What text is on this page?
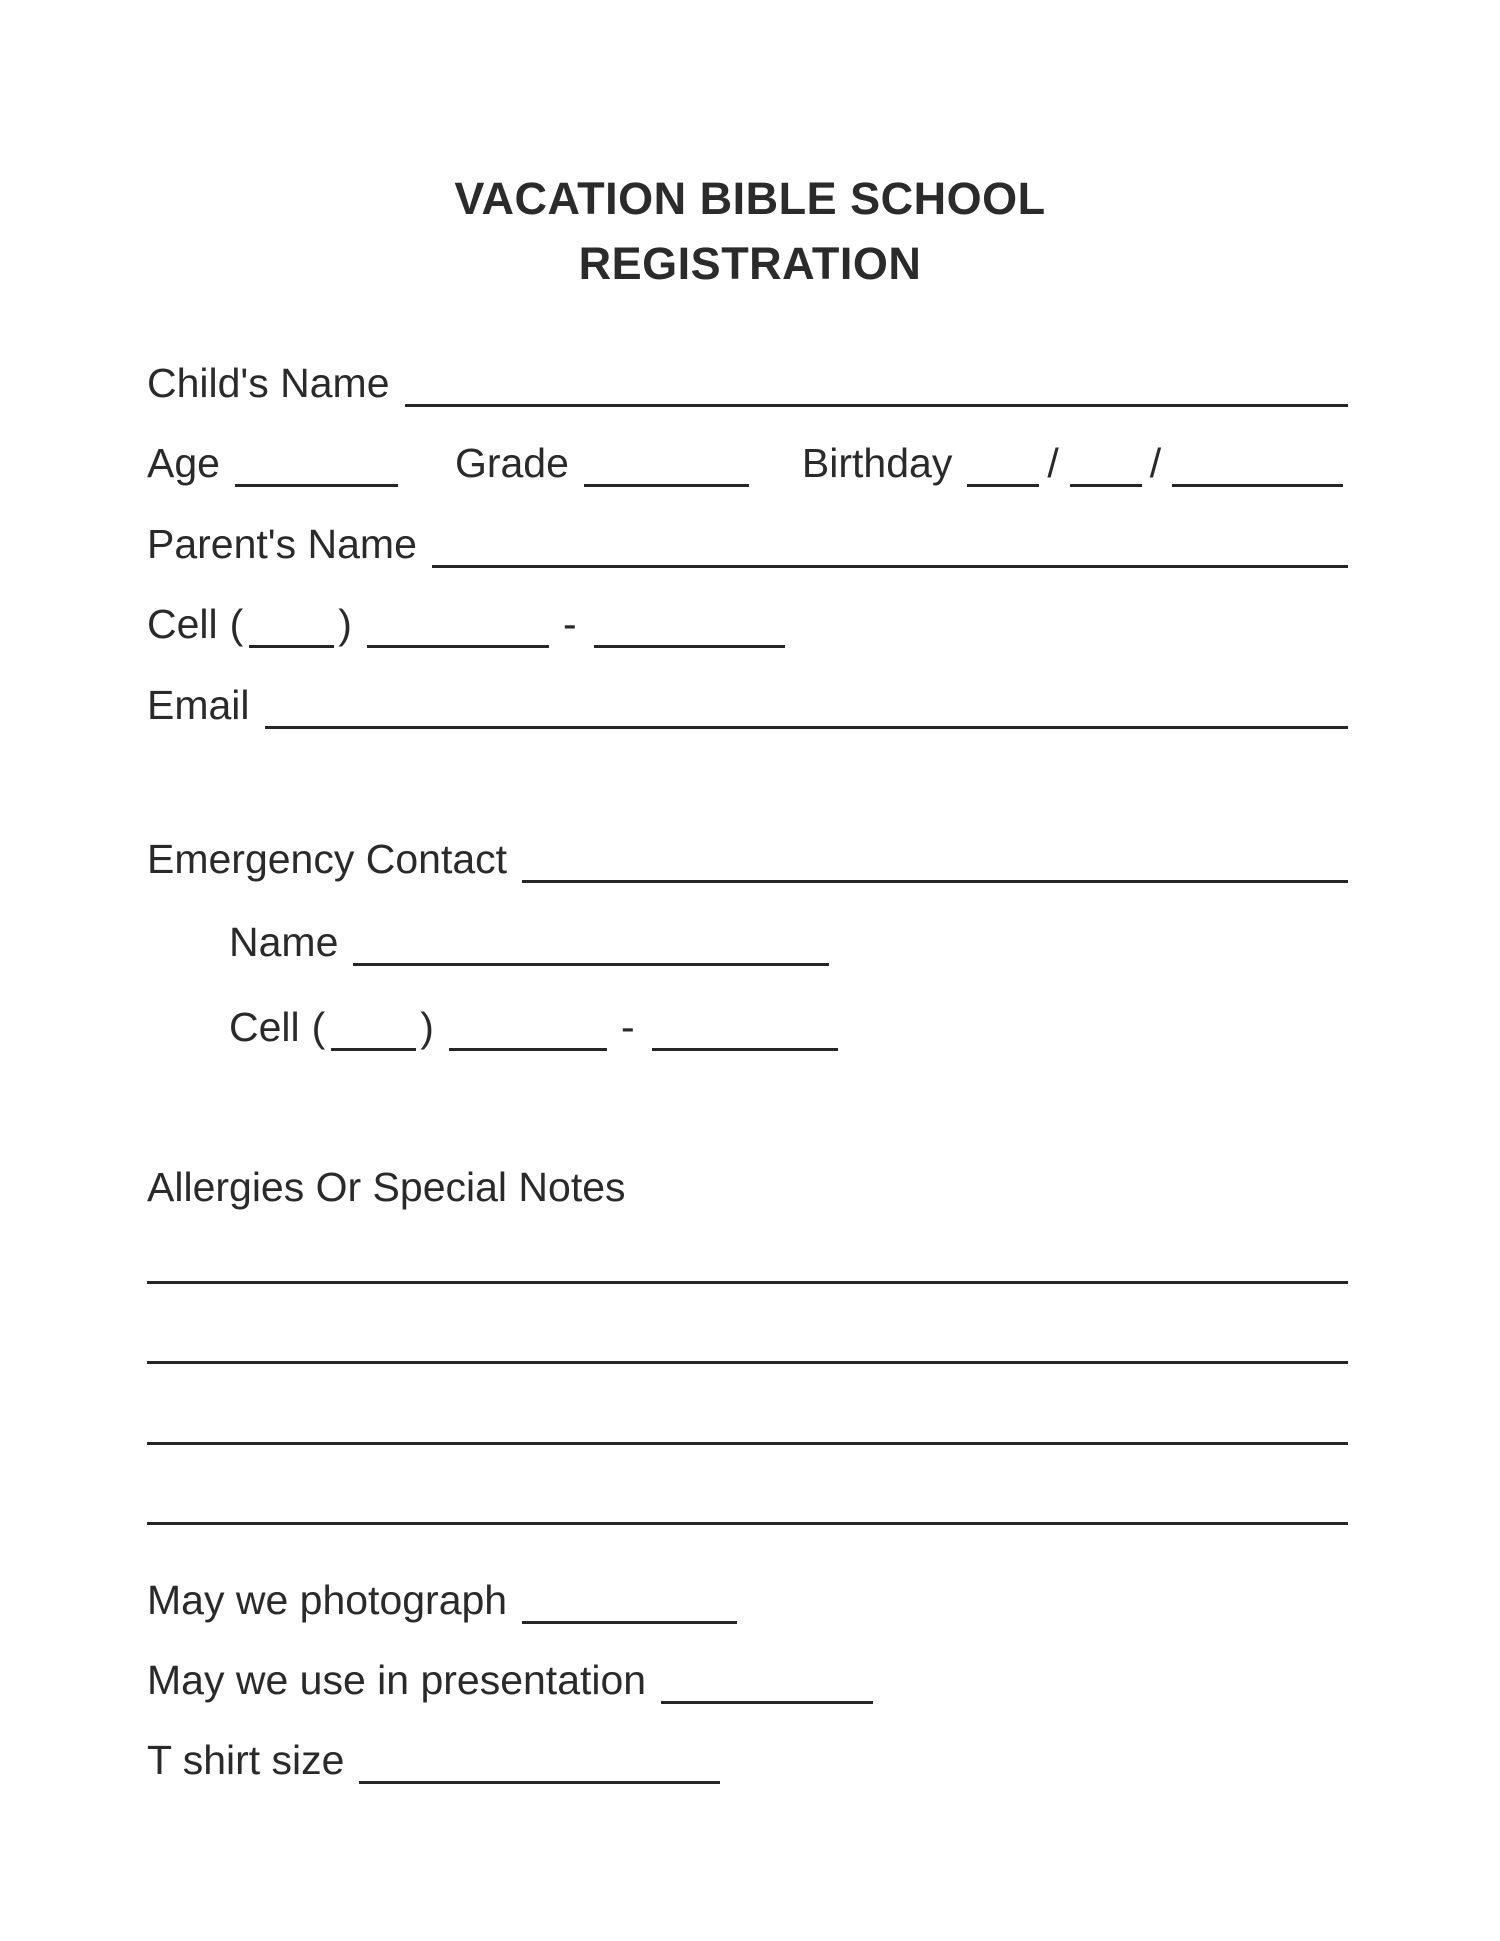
VACATION BIBLE SCHOOL
REGISTRATION
Child's Name
Age	Grade	Birthday / /
Parent's Name
Cell ( )	-
Email
Emergency Contact
Name
Cell ( )	-
Allergies Or Special Notes
May we photograph
May we use in presentation
T shirt size
